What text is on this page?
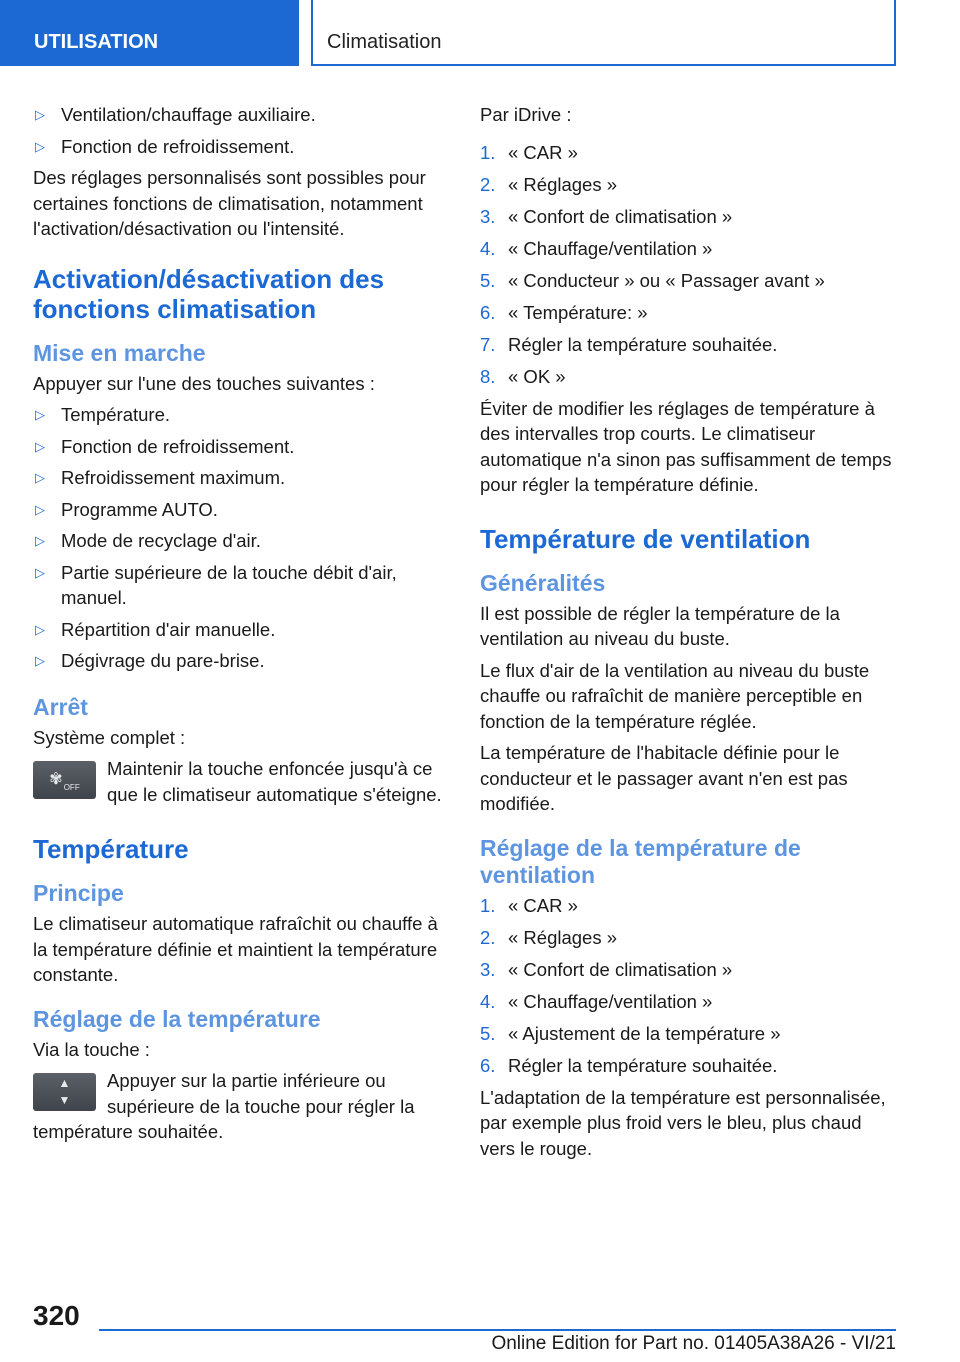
UTILISATION	Climatisation
▷ Ventilation/chauffage auxiliaire.
▷ Fonction de refroidissement.

Des réglages personnalisés sont possibles pour certaines fonctions de climatisation, notamment l'activation/désactivation ou l'intensité.

Activation/désactivation des fonctions climatisation
Mise en marche

Appuyer sur l'une des touches suivantes :

▷ Température.
▷ Fonction de refroidissement.
▷ Refroidissement maximum.
▷ Programme AUTO.
▷ Mode de recyclage d'air.
▷ Partie supérieure de la touche débit d'air, manuel.
▷ Répartition d'air manuelle.
▷ Dégivrage du pare-brise.
Arrêt

Système complet :

$✾_{OFF}$

Maintenir la touche enfoncée jusqu'à ce que le climatiseur automatique s'éteigne.

Température
Principe

Le climatiseur automatique rafraîchit ou chauffe à la température définie et maintient la température constante.

Réglage de la température

Via la touche :

▲
▼

Appuyer sur la partie inférieure ou supérieure de la touche pour régler la température souhaitée.

Par iDrive :

1. « CAR »
2. « Réglages »
3. « Confort de climatisation »
4. « Chauffage/ventilation »
5. « Conducteur » ou « Passager avant »
6. « Température: »
7. Régler la température souhaitée.
8. « OK »

Éviter de modifier les réglages de température à des intervalles trop courts. Le climatiseur automatique n'a sinon pas suffisamment de temps pour régler la température définie.

Température de ventilation
Généralités

Il est possible de régler la température de la ventilation au niveau du buste.

Le flux d'air de la ventilation au niveau du buste chauffe ou rafraîchit de manière perceptible en fonction de la température réglée.

La température de l'habitacle définie pour le conducteur et le passager avant n'en est pas modifiée.

Réglage de la température de ventilation
1. « CAR »
2. « Réglages »
3. « Confort de climatisation »
4. « Chauffage/ventilation »
5. « Ajustement de la température »
6. Régler la température souhaitée.

L'adaptation de la température est personnalisée, par exemple plus froid vers le bleu, plus chaud vers le rouge.

320
Online Edition for Part no. 01405A38A26 - VI/21
